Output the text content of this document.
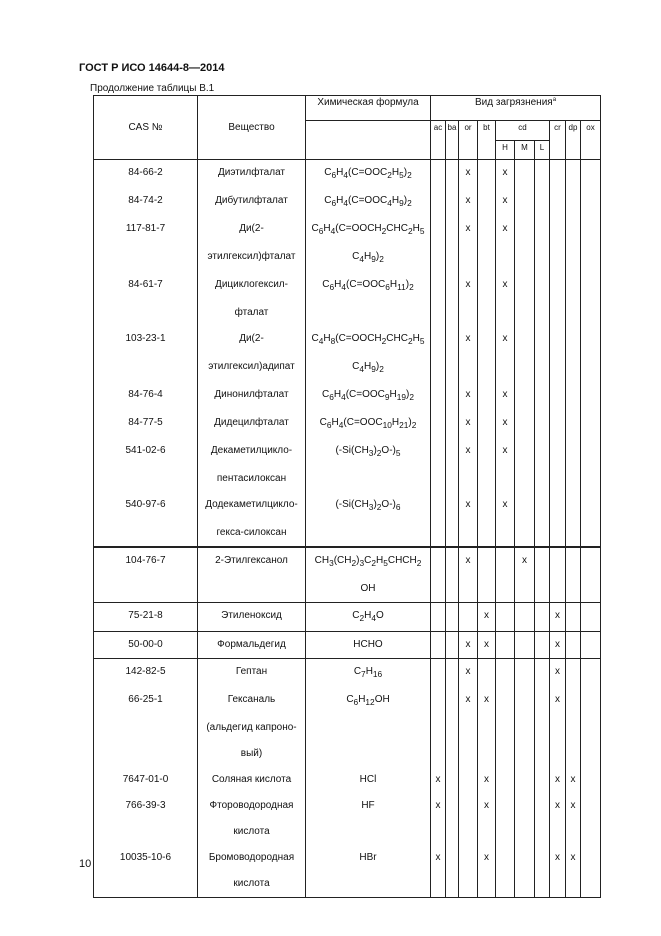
ГОСТ Р ИСО 14644-8—2014
Продолжение таблицы В.1
CAS №	Вещество	Химическая формула	Вид загрязнения$^a$
			ac	ba	or	bt	cd			cr	dp	ox
							H	M	L			
84-66-2	Диэтилфталат	$C_6H_4(C=OOC_2H_5)_2$			x		x					
84-74-2	Дибутилфталат	$C_6H_4(C=OOC_4H_9)_2$			x		x					
117-81-7	Ди(2-	$C_6H_4(C=OOCH_2CHC_2H_5$			x		x					
	этилгексил)фталат	$C_4H_9)_2$										
84-61-7	Дициклогексил-	$C_6H_4(C=OOC_6H_{11})_2$			x		x					
	фталат											
103-23-1	Ди(2-	$C_4H_8(C=OOCH_2CHC_2H_5$			x		x					
	этилгексил)адипат	$C_4H_9)_2$										
84-76-4	Динонилфталат	$C_6H_4(C=OOC_9H_{19})_2$			x		x					
84-77-5	Дидецилфталат	$C_6H_4(C=OOC_{10}H_{21})_2$			x		x					
541-02-6	Декаметилцикло-	$(-Si(CH_3)_2O-)_5$			x		x					
	пентасилоксан											
540-97-6	Додекаметилцикло-	$(-Si(CH_3)_2O-)_6$			x		x					
	гекса-силоксан											
104-76-7	2-Этилгексанол	$CH_3(CH_2)_3C_2H_5CHCH_2$			x			x				
		OH										
75-21-8	Этиленоксид	$C_2H_4O$				x				x		
50-00-0	Формальдегид	HCHO			x	x				x		
142-82-5	Гептан	$C_7H_{16}$			x					x		
66-25-1	Гексаналь	$C_6H_{12}OH$			x	x				x		
	(альдегид капроно-											
	вый)											
7647-01-0	Соляная кислота	HCl	x			x				x	x	
766-39-3	Фтороводородная	HF	x			x				x	x	
	кислота											
10035-10-6	Бромоводородная	HBr	x			x				x	x	
	кислота											
10
